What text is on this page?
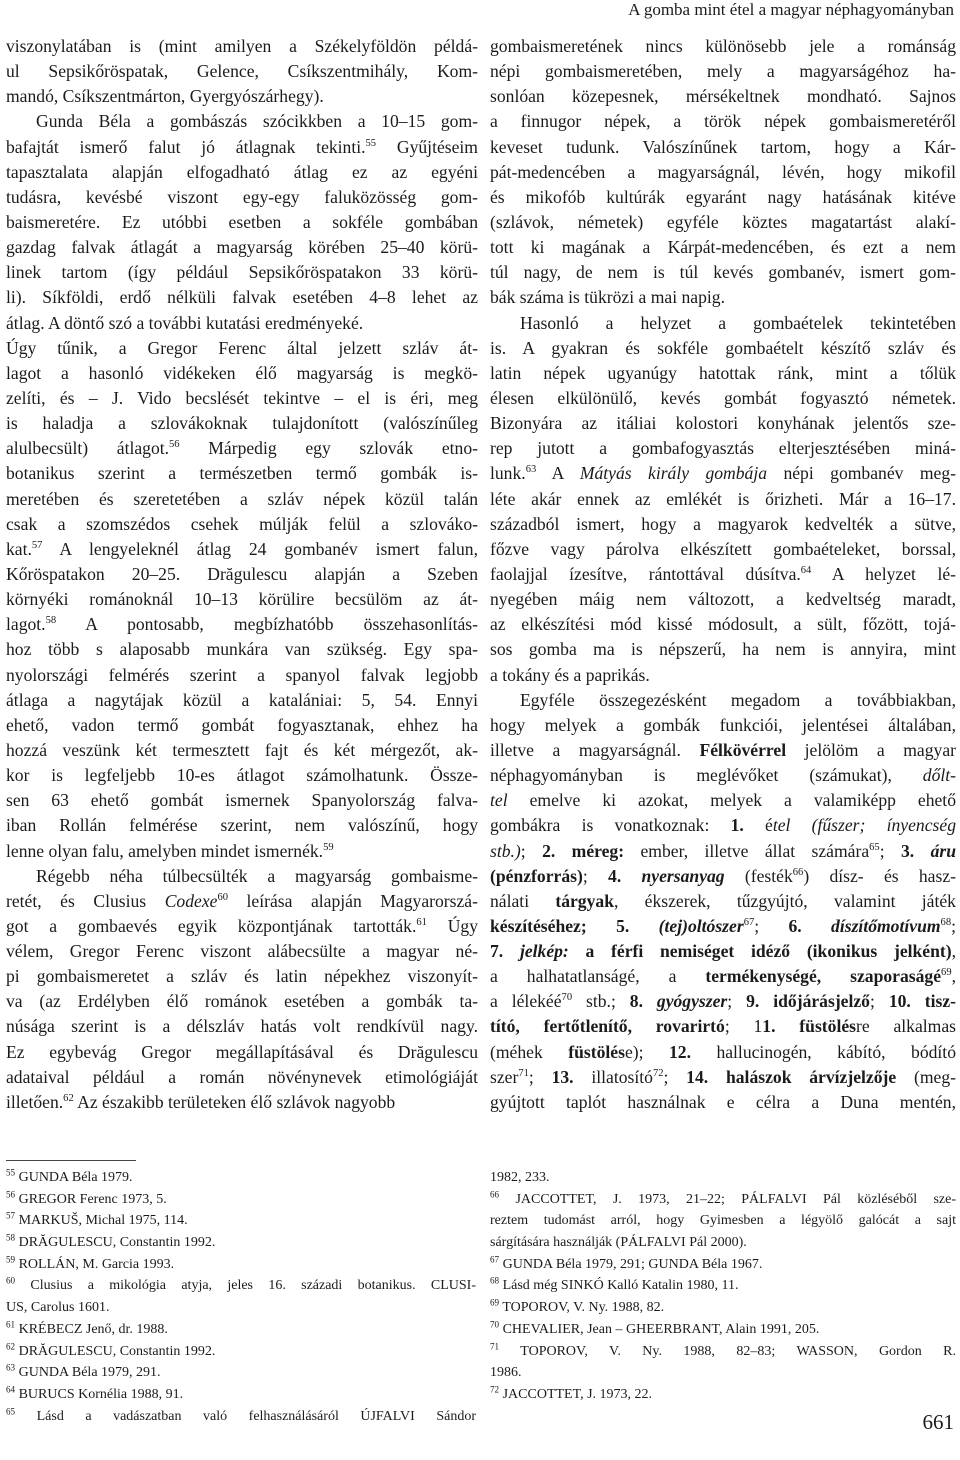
A gomba mint étel a magyar néphagyományban
viszonylatában is (mint amilyen a Székelyföldön példá-
ul Sepsikőröspatak, Gelence, Csíkszentmihály, Kom-
mandó, Csíkszentmárton, Gyergyószárhegy).
Gunda Béla a gombászás szócikkben a 10–15 gom-
bafajtát ismerő falut jó átlagnak tekinti.$^{55}$ Gyűjtéseim
tapasztalata alapján elfogadható átlag ez az egyéni
tudásra, kevésbé viszont egy-egy faluközösség gom-
baismeretére. Ez utóbbi esetben a sokféle gombában
gazdag falvak átlagát a magyarság körében 25–40 körü-
linek tartom (így például Sepsikőröspatakon 33 körü-
li). Síkföldi, erdő nélküli falvak esetében 4–8 lehet az
átlag. A döntő szó a további kutatási eredményeké.
Úgy tűnik, a Gregor Ferenc által jelzett szláv át-
lagot a hasonló vidékeken élő magyarság is megkö-
zelíti, és – J. Vido becslését tekintve – el is éri, meg
is haladja a szlovákoknak tulajdonított (valószínűleg
alulbecsült) átlagot.$^{56}$ Márpedig egy szlovák etno-
botanikus szerint a természetben termő gombák is-
meretében és szeretetében a szláv népek közül talán
csak a szomszédos csehek múlják felül a szlováko-
kat.$^{57}$ A lengyeleknél átlag 24 gombanév ismert falun,
Kőröspatakon 20–25. Drăgulescu alapján a Szeben
környéki románoknál 10–13 körülire becsülöm az át-
lagot.$^{58}$ A pontosabb, megbízhatóbb összehasonlítás-
hoz több s alaposabb munkára van szükség. Egy spa-
nyolországi felmérés szerint a spanyol falvak legjobb
átlaga a nagytájak közül a katalániai: 5, 54. Ennyi
ehető, vadon termő gombát fogyasztanak, ehhez ha
hozzá veszünk két termesztett fajt és két mérgezőt, ak-
kor is legfeljebb 10-es átlagot számolhatunk. Össze-
sen 63 ehető gombát ismernek Spanyolország falva-
iban Rollán felmérése szerint, nem valószínű, hogy
lenne olyan falu, amelyben mindet ismernék.$^{59}$
Régebb néha túlbecsülték a magyarság gombaisme-
retét, és Clusius Codexe$^{60}$ leírása alapján Magyarorszá-
got a gombaevés egyik központjának tartották.$^{61}$ Úgy
vélem, Gregor Ferenc viszont alábecsülte a magyar né-
pi gombaismeretet a szláv és latin népekhez viszonyít-
va (az Erdélyben élő románok esetében a gombák ta-
núsága szerint is a délszláv hatás volt rendkívül nagy.
Ez egybevág Gregor megállapításával és Drăgulescu
adataival például a román növénynevek etimológiáját
illetően.$^{62}$ Az északibb területeken élő szlávok nagyobb
gombaismeretének nincs különösebb jele a románság
népi gombaismeretében, mely a magyarságéhoz ha-
sonlóan közepesnek, mérsékeltnek mondható. Sajnos
a finnugor népek, a török népek gombaismeretéről
keveset tudunk. Valószínűnek tartom, hogy a Kár-
pát-medencében a magyarságnál, lévén, hogy mikofil
és mikofób kultúrák egyaránt nagy hatásának kitéve
(szlávok, németek) egyféle köztes magatartást alakí-
tott ki magának a Kárpát-medencében, és ezt a nem
túl nagy, de nem is túl kevés gombanév, ismert gom-
bák száma is tükrözi a mai napig.
Hasonló a helyzet a gombaételek tekintetében
is. A gyakran és sokféle gombaételt készítő szláv és
latin népek ugyanúgy hatottak ránk, mint a tőlük
élesen elkülönülő, kevés gombát fogyasztó németek.
Bizonyára az itáliai kolostori konyhának jelentős sze-
rep jutott a gombafogyasztás elterjesztésében miná-
lunk.$^{63}$ A Mátyás király gombája népi gombanév meg-
léte akár ennek az emlékét is őrizheti. Már a 16–17.
századból ismert, hogy a magyarok kedvelték a sütve,
főzve vagy párolva elkészített gombaételeket, borssal,
faolajjal ízesítve, rántottával dúsítva.$^{64}$ A helyzet lé-
nyegében máig nem változott, a kedveltség maradt,
az elkészítési mód kissé módosult, a sült, főzött, tojá-
sos gomba ma is népszerű, ha nem is annyira, mint
a tokány és a paprikás.
Egyféle összegezésként megadom a továbbiakban,
hogy melyek a gombák funkciói, jelentései általában,
illetve a magyarságnál. Félkövérrel jelölöm a magyar
néphagyományban is meglévőket (számukat), dőlt-
tel emelve ki azokat, melyek a valamiképp ehető
gombákra is vonatkoznak: 1. étel (fűszer; ínyencség
stb.); 2. méreg: ember, illetve állat számára$^{65}$; 3. áru
(pénzforrás); 4. nyersanyag (festék$^{66}$) dísz- és hasz-
nálati tárgyak, ékszerek, tűzgyújtó, valamint játék
készítéséhez; 5. (tej)oltószer$^{67}$; 6. díszítőmotívum$^{68}$;
7. jelkép: a férfi nemiséget idéző (ikonikus jelként),
a halhatatlanságé, a termékenységé, szaporaságé$^{69}$,
a lélekéé$^{70}$ stb.; 8. gyógyszer; 9. időjárásjelző; 10. tisz-
tító, fertőtlenítő, rovarirtó; 11. füstölésre alkalmas
(méhek füstölése); 12. hallucinogén, kábító, bódító
szer$^{71}$; 13. illatosító$^{72}$; 14. halászok árvízjelzője (meg-
gyújtott taplót használnak e célra a Duna mentén,
$^{55}$ GUNDA Béla 1979.
$^{56}$ GREGOR Ferenc 1973, 5.
$^{57}$ MARKUŠ, Michal 1975, 114.
$^{58}$ DRĂGULESCU, Constantin 1992.
$^{59}$ ROLLÁN, M. Garcia 1993.
$^{60}$ Clusius a mikológia atyja, jeles 16. századi botanikus. CLUSI-
US, Carolus 1601.
$^{61}$ KRÉBECZ Jenő, dr. 1988.
$^{62}$ DRĂGULESCU, Constantin 1992.
$^{63}$ GUNDA Béla 1979, 291.
$^{64}$ BURUCS Kornélia 1988, 91.
$^{65}$ Lásd a vadászatban való felhasználásáról ÚJFALVI Sándor
1982, 233.
$^{66}$ JACCOTTET, J. 1973, 21–22; PÁLFALVI Pál közléséből sze-
reztem tudomást arról, hogy Gyimesben a légyölő galócát a sajt
sárgítására használják (PÁLFALVI Pál 2000).
$^{67}$ GUNDA Béla 1979, 291; GUNDA Béla 1967.
$^{68}$ Lásd még SINKÓ Kalló Katalin 1980, 11.
$^{69}$ TOPOROV, V. Ny. 1988, 82.
$^{70}$ CHEVALIER, Jean – GHEERBRANT, Alain 1991, 205.
$^{71}$ TOPOROV, V. Ny. 1988, 82–83; WASSON, Gordon R.
1986.
$^{72}$ JACCOTTET, J. 1973, 22.
661
